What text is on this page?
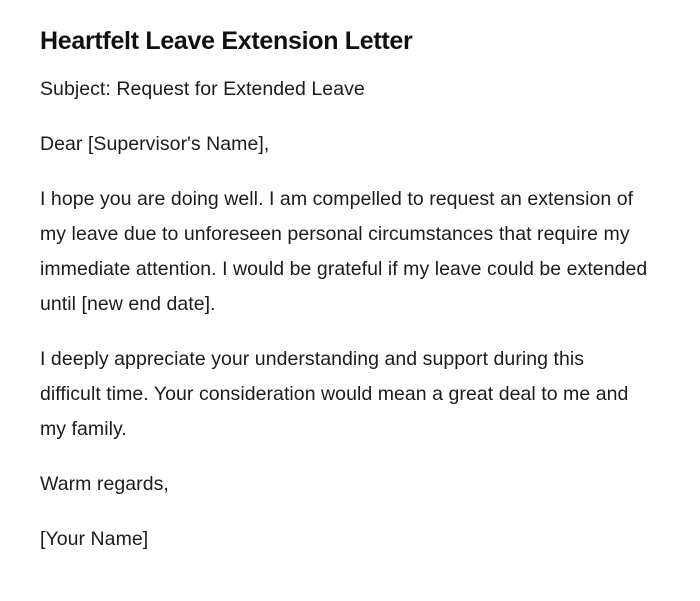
Heartfelt Leave Extension Letter

Subject: Request for Extended Leave

Dear [Supervisor's Name],

I hope you are doing well. I am compelled to request an extension of my leave due to unforeseen personal circumstances that require my immediate attention. I would be grateful if my leave could be extended until [new end date].

I deeply appreciate your understanding and support during this difficult time. Your consideration would mean a great deal to me and my family.

Warm regards,

[Your Name]
